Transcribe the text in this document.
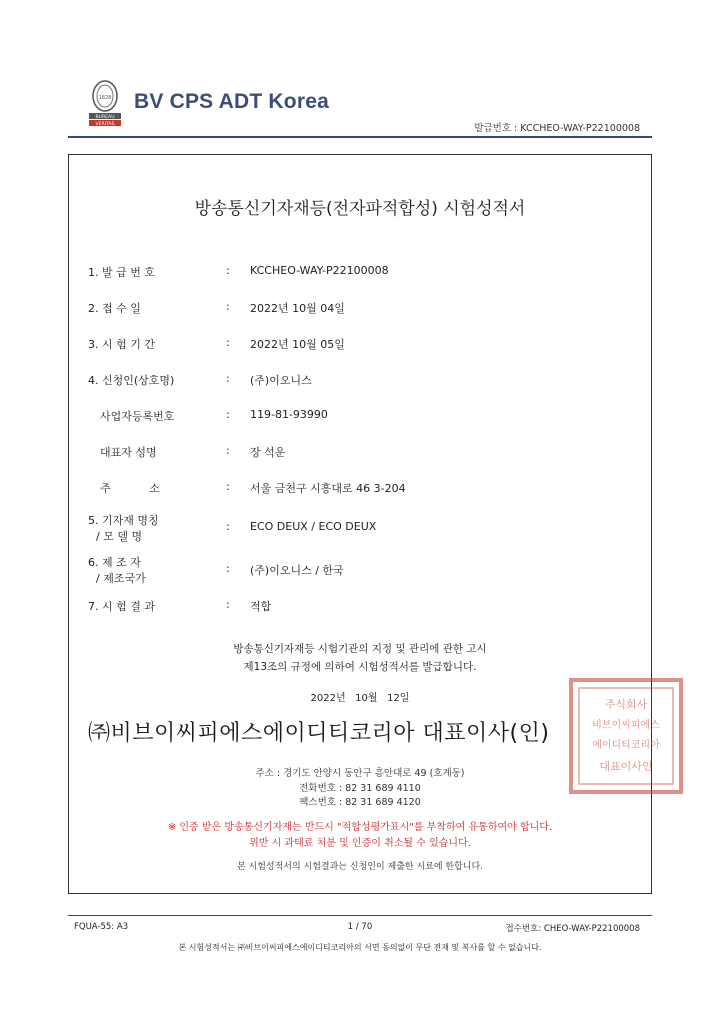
1828
BUREAU
VERITAS
BV CPS ADT Korea
발급번호 : KCCHEO-WAY-P22100008
방송통신기자재등(전자파적합성) 시험성적서
1. 발 급 번 호	: KCCHEO-WAY-P22100008
2. 접 수 일	: 2022년 10월 04일
3. 시 험 기 간	: 2022년 10월 05일
4. 신청인(상호명)	: (주)이오니스
사업자등록번호	: 119-81-93990
대표자 성명	: 장 석운
주           소	: 서울 금천구 시흥대로 46 3-204
5. 기자재 명칭
/ 모 델 명
: ECO DEUX / ECO DEUX
6. 제 조 자
/ 제조국가
: (주)이오니스 / 한국
7. 시 험 결 과	: 적합
방송통신기자재등 시험기관의 지정 및 관리에 관한 고시
제13조의 규정에 의하여 시험성적서를 발급합니다.
2022년   10월   12일	주식회사
비브이씨피에스
에이디티코리아
대표이사인
㈜비브이씨피에스에이디티코리아 대표이사(인)
주소 : 경기도 안양시 동안구 흥안대로 49 (호계동)
전화번호 : 82 31 689 4110
팩스번호 : 82 31 689 4120
※ 인증 받은 방송통신기자재는 반드시 "적합성평가표시"를 부착하여 유통하여야 합니다.
위반 시 과태료 처분 및 인증이 취소될 수 있습니다.
본 시험성적서의 시험결과는 신청인이 제출한 시료에 한합니다.
FQUA-55: A3	1 / 70	접수번호: CHEO-WAY-P22100008
본 시험성적서는 ㈜비브이씨피에스에이디티코리아의 서면 동의없이 무단 전재 및 복사를 할 수 없습니다.
